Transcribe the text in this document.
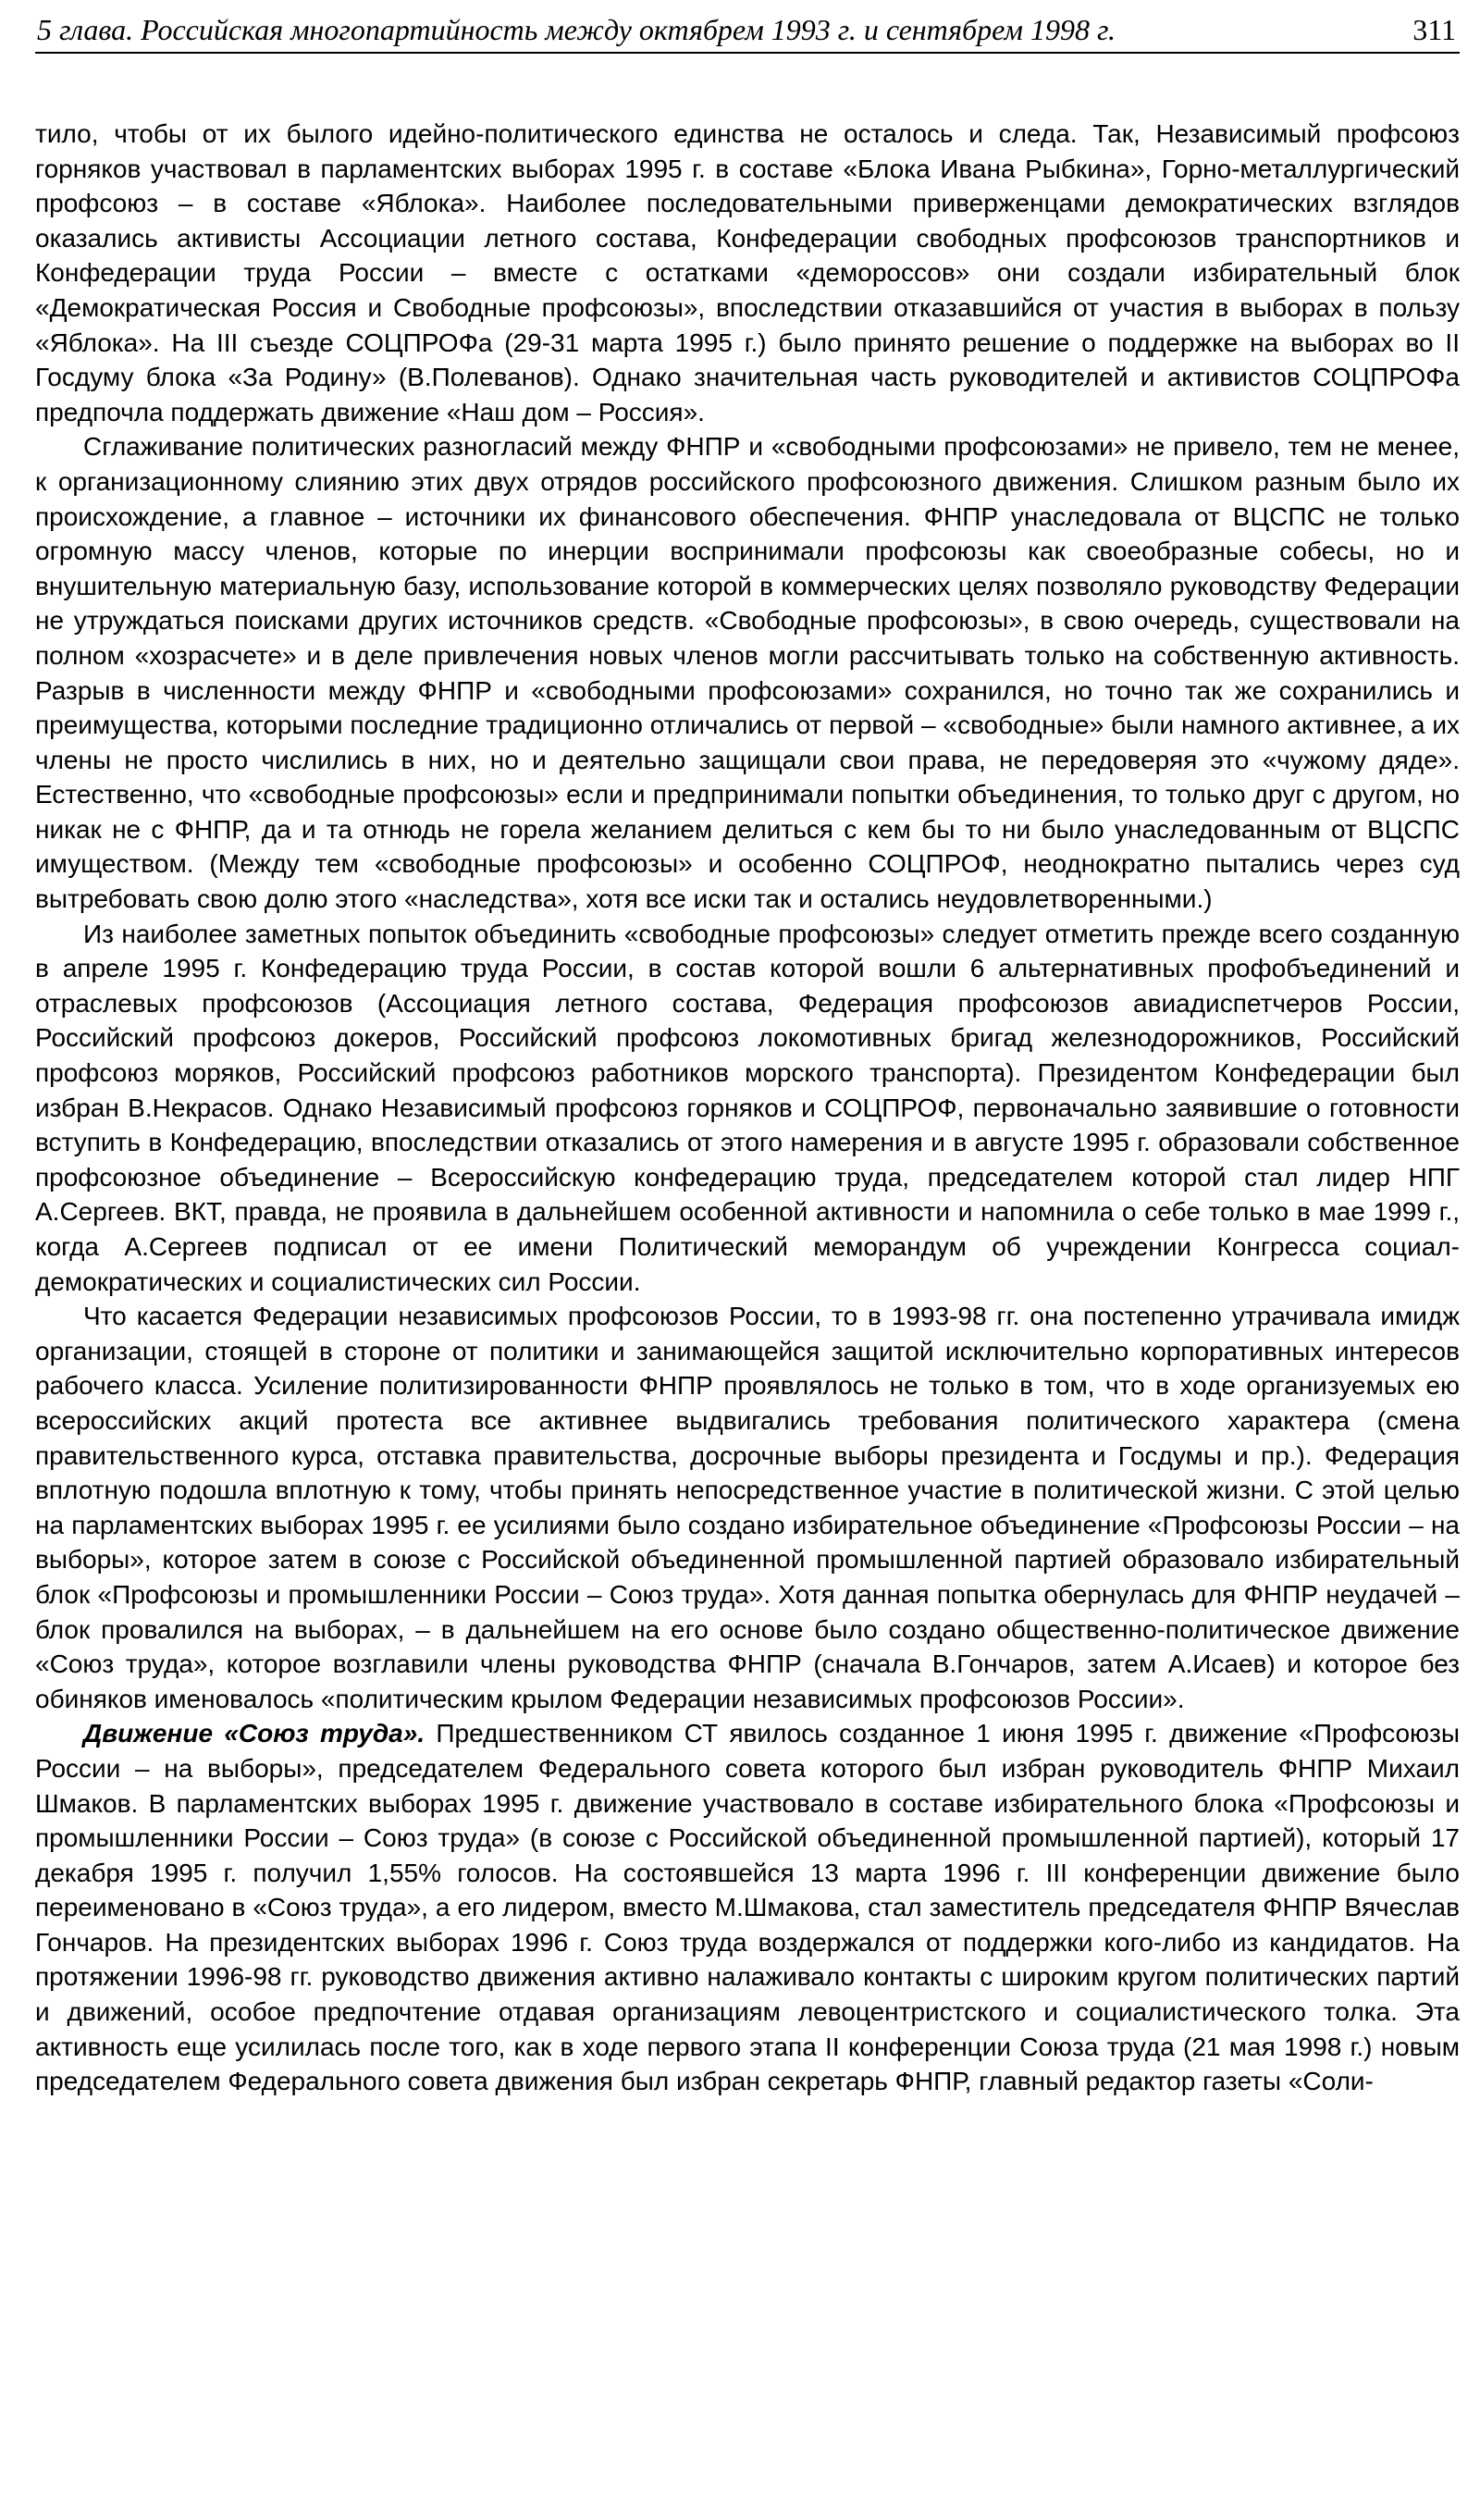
5 глава. Российская многопартийность между октябрем 1993 г. и сентябрем 1998 г.	311

тило, чтобы от их былого идейно-политического единства не осталось и следа. Так, Независимый профсоюз горняков участвовал в парламентских выборах 1995 г. в составе «Блока Ивана Рыбкина», Горно-металлургический профсоюз – в составе «Яблока». Наиболее последовательными приверженцами демократических взглядов оказались активисты Ассоциации летного состава, Конфедерации свободных профсоюзов транспортников и Конфедерации труда России – вместе с остатками «демороссов» они создали избирательный блок «Демократическая Россия и Свободные профсоюзы», впоследствии отказавшийся от участия в выборах в пользу «Яблока». На III съезде СОЦПРОФа (29-31 марта 1995 г.) было принято решение о поддержке на выборах во II Госдуму блока «За Родину» (В.Полеванов). Однако значительная часть руководителей и активистов СОЦПРОФа предпочла поддержать движение «Наш дом – Россия».

Сглаживание политических разногласий между ФНПР и «свободными профсоюзами» не привело, тем не менее, к организационному слиянию этих двух отрядов российского профсоюзного движения. Слишком разным было их происхождение, а главное – источники их финансового обеспечения. ФНПР унаследовала от ВЦСПС не только огромную массу членов, которые по инерции воспринимали профсоюзы как своеобразные собесы, но и внушительную материальную базу, использование которой в коммерческих целях позволяло руководству Федерации не утруждаться поисками других источников средств. «Свободные профсоюзы», в свою очередь, существовали на полном «хозрасчете» и в деле привлечения новых членов могли рассчитывать только на собственную активность. Разрыв в численности между ФНПР и «свободными профсоюзами» сохранился, но точно так же сохранились и преимущества, которыми последние традиционно отличались от первой – «свободные» были намного активнее, а их члены не просто числились в них, но и деятельно защищали свои права, не передоверяя это «чужому дяде». Естественно, что «свободные профсоюзы» если и предпринимали попытки объединения, то только друг с другом, но никак не с ФНПР, да и та отнюдь не горела желанием делиться с кем бы то ни было унаследованным от ВЦСПС имуществом. (Между тем «свободные профсоюзы» и особенно СОЦПРОФ, неоднократно пытались через суд вытребовать свою долю этого «наследства», хотя все иски так и остались неудовлетворенными.)

Из наиболее заметных попыток объединить «свободные профсоюзы» следует отметить прежде всего созданную в апреле 1995 г. Конфедерацию труда России, в состав которой вошли 6 альтернативных профобъединений и отраслевых профсоюзов (Ассоциация летного состава, Федерация профсоюзов авиадиспетчеров России, Российский профсоюз докеров, Российский профсоюз локомотивных бригад железнодорожников, Российский профсоюз моряков, Российский профсоюз работников морского транспорта). Президентом Конфедерации был избран В.Некрасов. Однако Независимый профсоюз горняков и СОЦПРОФ, первоначально заявившие о готовности вступить в Конфедерацию, впоследствии отказались от этого намерения и в августе 1995 г. образовали собственное профсоюзное объединение – Всероссийскую конфедерацию труда, председателем которой стал лидер НПГ А.Сергеев. ВКТ, правда, не проявила в дальнейшем особенной активности и напомнила о себе только в мае 1999 г., когда А.Сергеев подписал от ее имени Политический меморандум об учреждении Конгресса социал-демократических и социалистических сил России.

Что касается Федерации независимых профсоюзов России, то в 1993-98 гг. она постепенно утрачивала имидж организации, стоящей в стороне от политики и занимающейся защитой исключительно корпоративных интересов рабочего класса. Усиление политизированности ФНПР проявлялось не только в том, что в ходе организуемых ею всероссийских акций протеста все активнее выдвигались требования политического характера (смена правительственного курса, отставка правительства, досрочные выборы президента и Госдумы и пр.). Федерация вплотную подошла вплотную к тому, чтобы принять непосредственное участие в политической жизни. С этой целью на парламентских выборах 1995 г. ее усилиями было создано избирательное объединение «Профсоюзы России – на выборы», которое затем в союзе с Российской объединенной промышленной партией образовало избирательный блок «Профсоюзы и промышленники России – Союз труда». Хотя данная попытка обернулась для ФНПР неудачей – блок провалился на выборах, – в дальнейшем на его основе было создано общественно-политическое движение «Союз труда», которое возглавили члены руководства ФНПР (сначала В.Гончаров, затем А.Исаев) и которое без обиняков именовалось «политическим крылом Федерации независимых профсоюзов России».

Движение «Союз труда». Предшественником СТ явилось созданное 1 июня 1995 г. движение «Профсоюзы России – на выборы», председателем Федерального совета которого был избран руководитель ФНПР Михаил Шмаков. В парламентских выборах 1995 г. движение участвовало в составе избирательного блока «Профсоюзы и промышленники России – Союз труда» (в союзе с Российской объединенной промышленной партией), который 17 декабря 1995 г. получил 1,55% голосов. На состоявшейся 13 марта 1996 г. III конференции движение было переименовано в «Союз труда», а его лидером, вместо М.Шмакова, стал заместитель председателя ФНПР Вячеслав Гончаров. На президентских выборах 1996 г. Союз труда воздержался от поддержки кого-либо из кандидатов. На протяжении 1996-98 гг. руководство движения активно налаживало контакты с широким кругом политических партий и движений, особое предпочтение отдавая организациям левоцентристского и социалистического толка. Эта активность еще усилилась после того, как в ходе первого этапа II конференции Союза труда (21 мая 1998 г.) новым председателем Федерального совета движения был избран секретарь ФНПР, главный редактор газеты «Соли-
